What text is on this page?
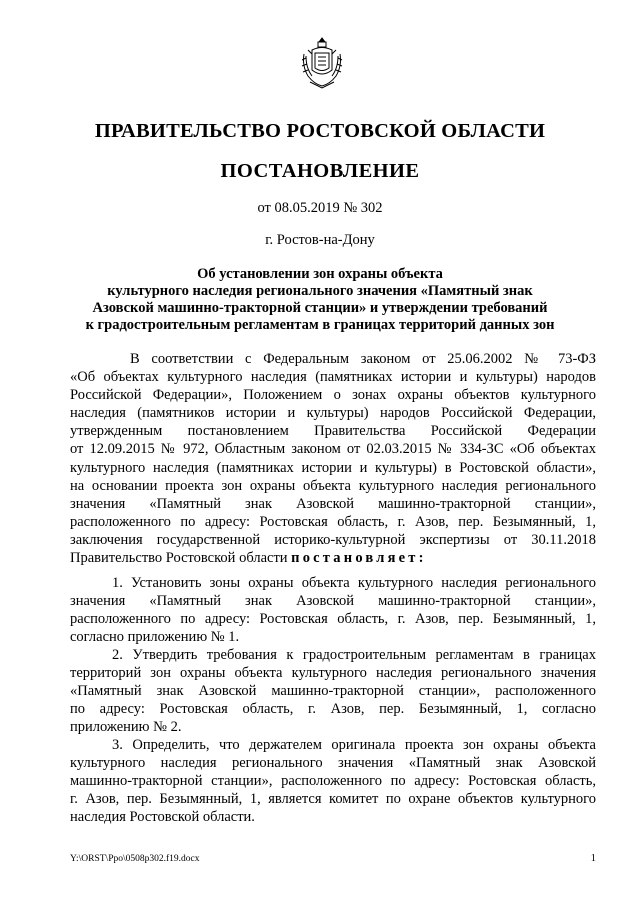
ПРАВИТЕЛЬСТВО РОСТОВСКОЙ ОБЛАСТИ
ПОСТАНОВЛЕНИЕ
от 08.05.2019 № 302
г. Ростов-на-Дону
Об установлении зон охраны объекта
культурного наследия регионального значения «Памятный знак
Азовской машинно-тракторной станции» и утверждении требований
к градостроительным регламентам в границах территорий данных зон
В соответствии с Федеральным законом от 25.06.2002 № 73-ФЗ
«Об объектах культурного наследия (памятниках истории и культуры) народов
Российской Федерации», Положением о зонах охраны объектов культурного
наследия (памятников истории и культуры) народов Российской Федерации,
утвержденным постановлением Правительства Российской Федерации
от 12.09.2015 № 972, Областным законом от 02.03.2015 № 334-ЗС «Об объектах
культурного наследия (памятниках истории и культуры) в Ростовской области»,
на основании проекта зон охраны объекта культурного наследия регионального
значения «Памятный знак Азовской машинно-тракторной станции»,
расположенного по адресу: Ростовская область, г. Азов, пер. Безымянный, 1,
заключения государственной историко-культурной экспертизы от 30.11.2018
Правительство Ростовской области постановляет:
1. Установить зоны охраны объекта культурного наследия регионального
значения «Памятный знак Азовской машинно-тракторной станции»,
расположенного по адресу: Ростовская область, г. Азов, пер. Безымянный, 1,
согласно приложению № 1.
2. Утвердить требования к градостроительным регламентам в границах
территорий зон охраны объекта культурного наследия регионального значения
«Памятный знак Азовской машинно-тракторной станции», расположенного
по адресу: Ростовская область, г. Азов, пер. Безымянный, 1, согласно
приложению № 2.
3. Определить, что держателем оригинала проекта зон охраны объекта
культурного наследия регионального значения «Памятный знак Азовской
машинно-тракторной станции», расположенного по адресу: Ростовская область,
г. Азов, пер. Безымянный, 1, является комитет по охране объектов культурного
наследия Ростовской области.
Y:\ORST\Ppo\0508p302.f19.docx	1
